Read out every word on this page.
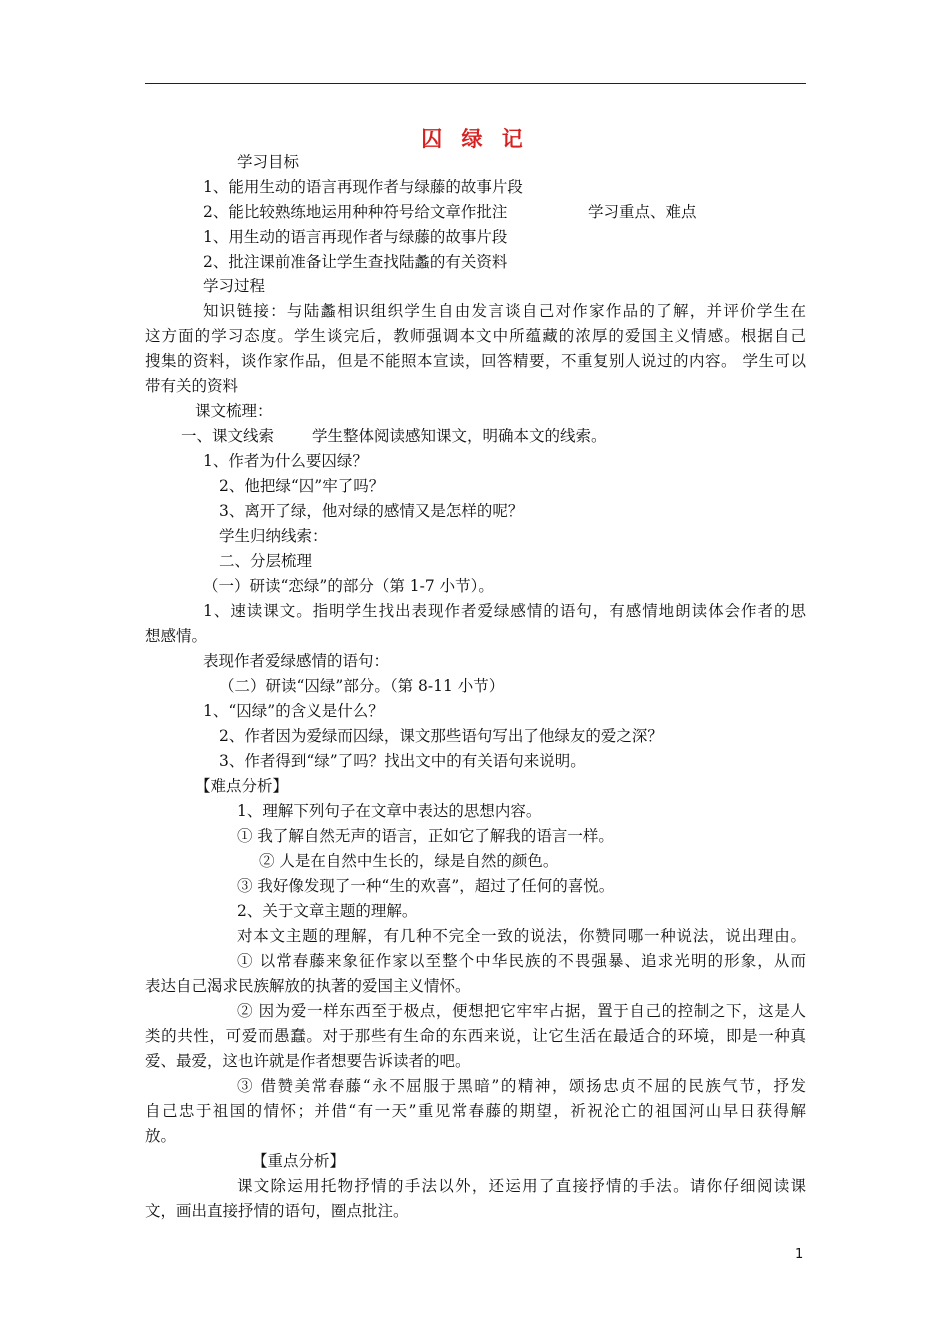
囚 绿 记
学习目标
1、能用生动的语言再现作者与绿藤的故事片段
2、能比较熟练地运用种种符号给文章作批注	学习重点、难点
1、用生动的语言再现作者与绿藤的故事片段
2、批注课前准备让学生查找陆蠡的有关资料
学习过程
知识链接：与陆蠡相识组织学生自由发言谈自己对作家作品的了解，并评价学生在
这方面的学习态度。学生谈完后，教师强调本文中所蕴藏的浓厚的爱国主义情感。根据自己
搜集的资料，谈作家作品，但是不能照本宣读，回答精要，不重复别人说过的内容。 学生可以
带有关的资料
课文梳理：
一、课文线索 学生整体阅读感知课文，明确本文的线索。
1、作者为什么要囚绿？
2、他把绿“囚”牢了吗？
3、离开了绿，他对绿的感情又是怎样的呢？
学生归纳线索：
二、分层梳理
（一）研读“恋绿”的部分（第 1-7 小节）。
1、速读课文。指明学生找出表现作者爱绿感情的语句，有感情地朗读体会作者的思
想感情。
表现作者爱绿感情的语句：
（二）研读“囚绿”部分。（第 8-11 小节）
1、“囚绿”的含义是什么？
2、作者因为爱绿而囚绿，课文那些语句写出了他绿友的爱之深？
3、作者得到“绿”了吗？找出文中的有关语句来说明。
【难点分析】
1、理解下列句子在文章中表达的思想内容。
① 我了解自然无声的语言，正如它了解我的语言一样。
② 人是在自然中生长的，绿是自然的颜色。
③ 我好像发现了一种“生的欢喜”，超过了任何的喜悦。
2、关于文章主题的理解。
对本文主题的理解，有几种不完全一致的说法，你赞同哪一种说法，说出理由。
① 以常春藤来象征作家以至整个中华民族的不畏强暴、追求光明的形象，从而
表达自己渴求民族解放的执著的爱国主义情怀。
② 因为爱一样东西至于极点，便想把它牢牢占据，置于自己的控制之下，这是人
类的共性，可爱而愚蠢。对于那些有生命的东西来说，让它生活在最适合的环境，即是一种真
爱、最爱，这也许就是作者想要告诉读者的吧。
③ 借赞美常春藤“永不屈服于黑暗”的精神，颂扬忠贞不屈的民族气节，抒发
自己忠于祖国的情怀；并借“有一天”重见常春藤的期望，祈祝沦亡的祖国河山早日获得解
放。
【重点分析】
课文除运用托物抒情的手法以外，还运用了直接抒情的手法。请你仔细阅读课
文，画出直接抒情的语句，圈点批注。
1
